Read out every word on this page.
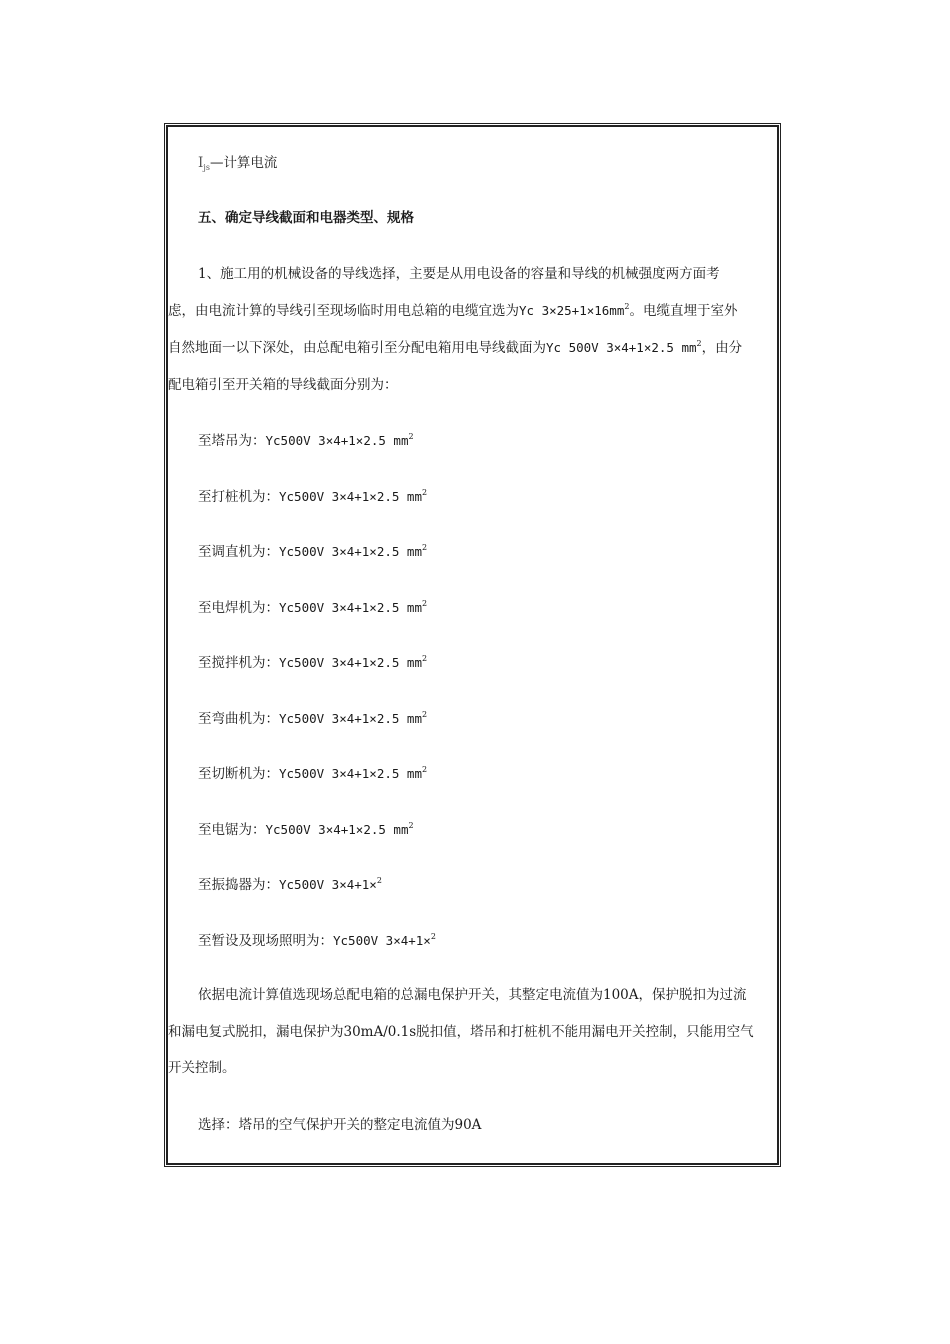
$I_{js}—$计算电流
五、确定导线截面和电器类型、规格
1、施工用的机械设备的导线选择，主要是从用电设备的容量和导线的机械强度两方面考
虑，由电流计算的导线引至现场临时用电总箱的电缆宜选为Yc $3\times 25+1\times 16mm^2$。电缆直埋于室外
自然地面一以下深处，由总配电箱引至分配电箱用电导线截面为Yc 500V 3×4+1×2.5 $mm^2$，由分
配电箱引至开关箱的导线截面分别为：
至塔吊为：Yc500V 3×4+1×2.5 $mm^2$
至打桩机为：Yc500V 3×4+1×2.5 $mm^2$
至调直机为：Yc500V 3×4+1×2.5 $mm^2$
至电焊机为：Yc500V 3×4+1×2.5 $mm^2$
至搅拌机为：Yc500V 3×4+1×2.5 $mm^2$
至弯曲机为：Yc500V 3×4+1×2.5 $mm^2$
至切断机为：Yc500V 3×4+1×2.5 $mm^2$
至电锯为：Yc500V 3×4+1×2.5 $mm^2$
至振捣器为：Yc500V 3×4+1×$^2$
至暂设及现场照明为：Yc500V 3×4+1×$^2$
依据电流计算值选现场总配电箱的总漏电保护开关，其整定电流值为100A，保护脱扣为过流
和漏电复式脱扣，漏电保护为30mA/0.1s脱扣值，塔吊和打桩机不能用漏电开关控制，只能用空气
开关控制。
选择：塔吊的空气保护开关的整定电流值为90A
